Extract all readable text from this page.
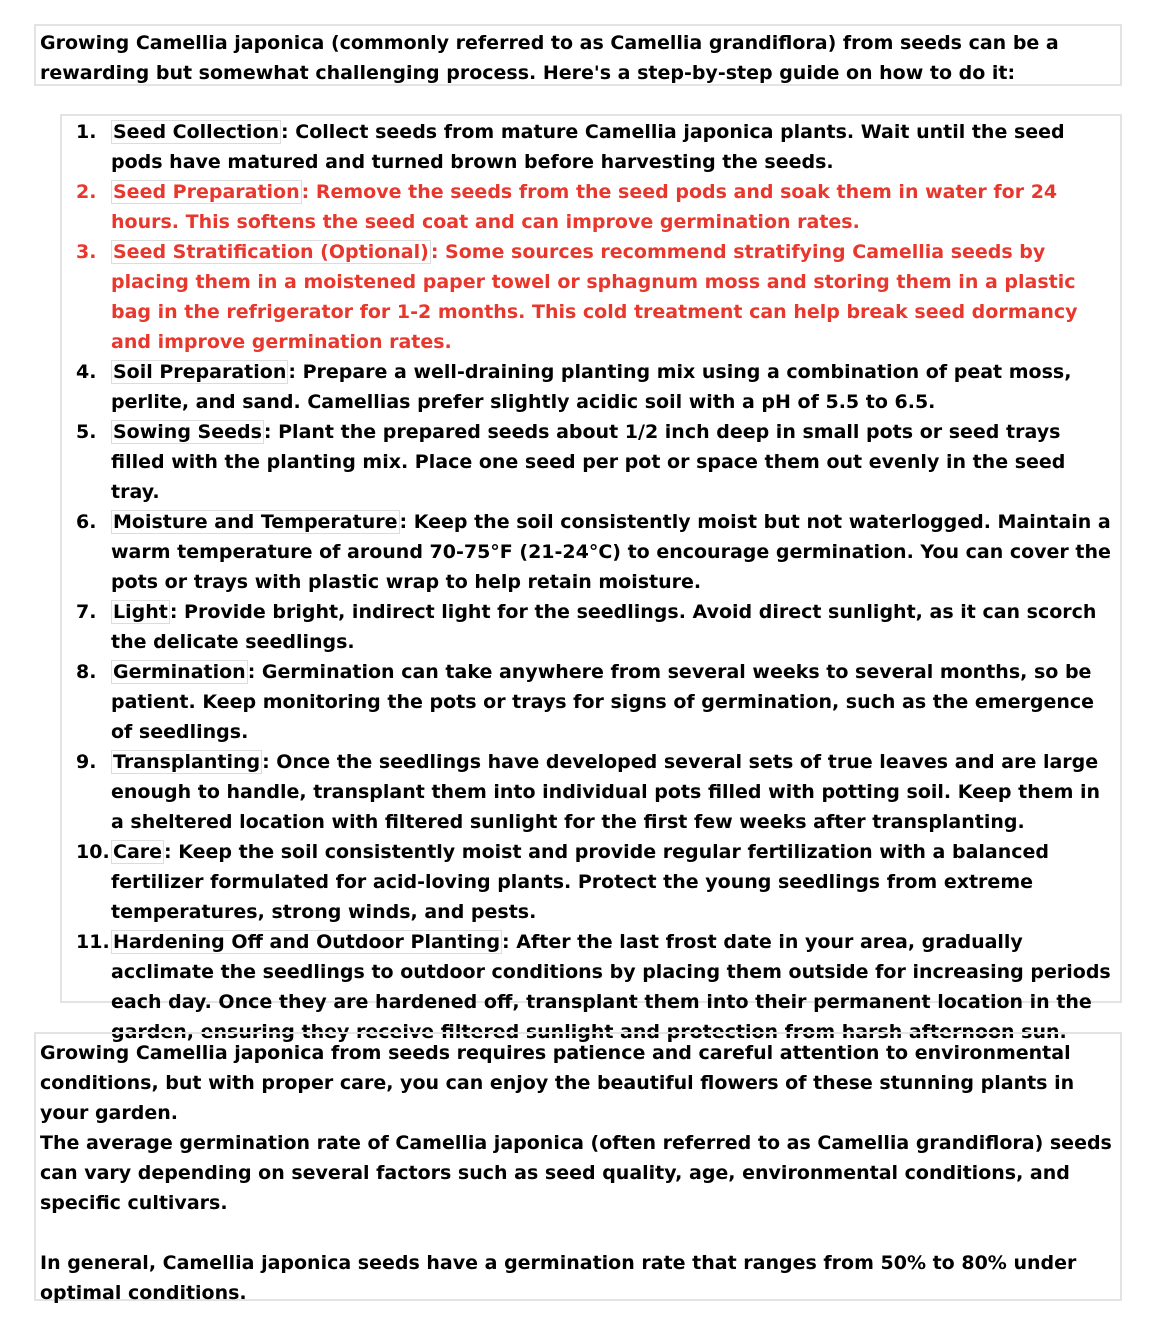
Growing Camellia japonica (commonly referred to as Camellia grandiflora) from seeds can be a rewarding but somewhat challenging process. Here's a step-by-step guide on how to do it:

1. Seed Collection : Collect seeds from mature Camellia japonica plants. Wait until the seed pods have matured and turned brown before harvesting the seeds.
2. Seed Preparation : Remove the seeds from the seed pods and soak them in water for 24 hours. This softens the seed coat and can improve germination rates.
3. Seed Stratification (Optional) : Some sources recommend stratifying Camellia seeds by placing them in a moistened paper towel or sphagnum moss and storing them in a plastic bag in the refrigerator for 1-2 months. This cold treatment can help break seed dormancy and improve germination rates.
4. Soil Preparation : Prepare a well-draining planting mix using a combination of peat moss, perlite, and sand. Camellias prefer slightly acidic soil with a pH of 5.5 to 6.5.
5. Sowing Seeds : Plant the prepared seeds about 1/2 inch deep in small pots or seed trays filled with the planting mix. Place one seed per pot or space them out evenly in the seed tray.
6. Moisture and Temperature : Keep the soil consistently moist but not waterlogged. Maintain a warm temperature of around 70-75°F (21-24°C) to encourage germination. You can cover the pots or trays with plastic wrap to help retain moisture.
7. Light : Provide bright, indirect light for the seedlings. Avoid direct sunlight, as it can scorch the delicate seedlings.
8. Germination : Germination can take anywhere from several weeks to several months, so be patient. Keep monitoring the pots or trays for signs of germination, such as the emergence of seedlings.
9. Transplanting : Once the seedlings have developed several sets of true leaves and are large enough to handle, transplant them into individual pots filled with potting soil. Keep them in a sheltered location with filtered sunlight for the first few weeks after transplanting.
10. Care : Keep the soil consistently moist and provide regular fertilization with a balanced fertilizer formulated for acid-loving plants. Protect the young seedlings from extreme temperatures, strong winds, and pests.
11. Hardening Off and Outdoor Planting : After the last frost date in your area, gradually acclimate the seedlings to outdoor conditions by placing them outside for increasing periods each day. Once they are hardened off, transplant them into their permanent location in the garden, ensuring they receive filtered sunlight and protection from harsh afternoon sun.

Growing Camellia japonica from seeds requires patience and careful attention to environmental conditions, but with proper care, you can enjoy the beautiful flowers of these stunning plants in your garden.

The average germination rate of Camellia japonica (often referred to as Camellia grandiflora) seeds can vary depending on several factors such as seed quality, age, environmental conditions, and specific cultivars.

In general, Camellia japonica seeds have a germination rate that ranges from 50% to 80% under optimal conditions.
